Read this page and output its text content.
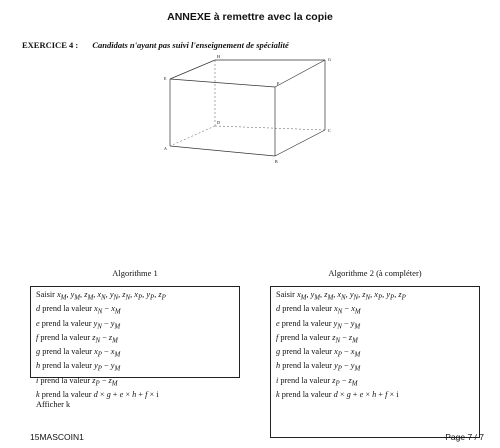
ANNEXE à remettre avec la copie
EXERCICE 4 : Candidats n'ayant pas suivi l'enseignement de spécialité
H
G
E
F
D
C
A
B
Algorithme 1
Saisir $x_M$, $y_M$, $z_M$, $x_N$, $y_N$, $z_N$, $x_P$, $y_P$, $z_P$
d prend la valeur $x_N - x_M$
e prend la valeur $y_N - y_M$
f prend la valeur $z_N - z_M$
g prend la valeur $x_P - x_M$
h prend la valeur $y_P - y_M$
i prend la valeur $z_P - z_M$
k prend la valeur d × g + e × h + f × i
Afficher k
Algorithme 2 (à compléter)
Saisir $x_M$, $y_M$, $z_M$, $x_N$, $y_N$, $z_N$, $x_P$, $y_P$, $z_P$
d prend la valeur $x_N - x_M$
e prend la valeur $y_N - y_M$
f prend la valeur $z_N - z_M$
g prend la valeur $x_P - x_M$
h prend la valeur $y_P - y_M$
i prend la valeur $z_P - z_M$
k prend la valeur d × g + e × h + f × i
15MASCOIN1	Page 7 / 7
